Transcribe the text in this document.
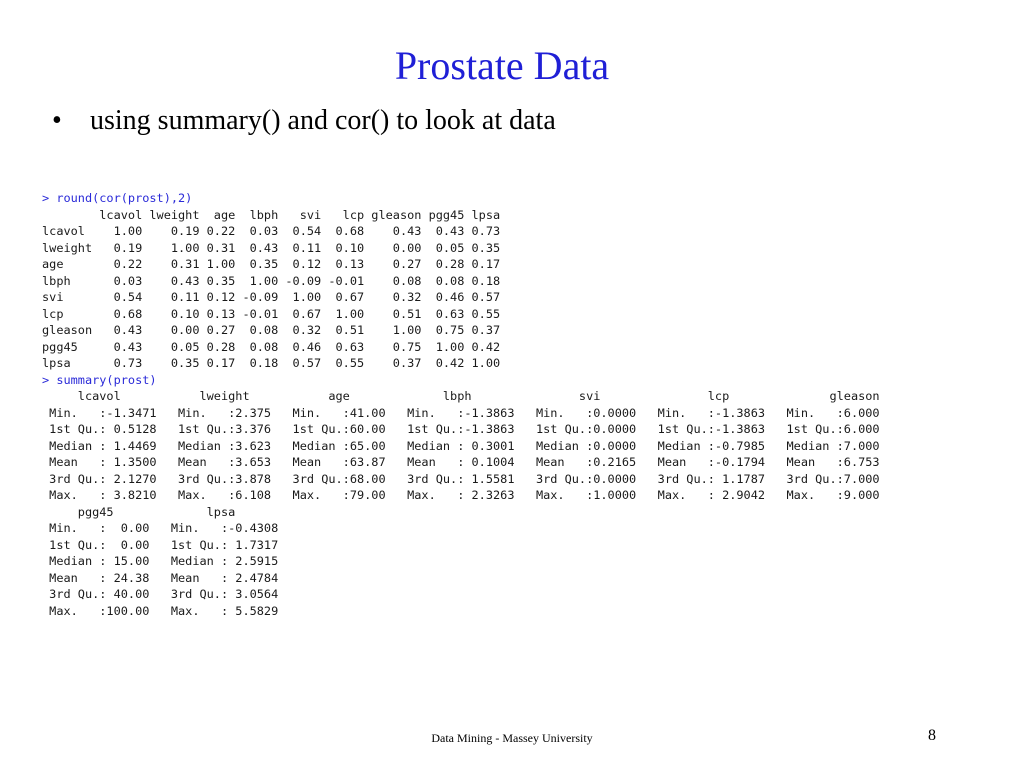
Prostate Data
• using summary() and cor() to look at data
> round(cor(prost),2)
lcavol lweight  age  lbph   svi   lcp gleason pgg45 lpsa
lcavol    1.00    0.19 0.22  0.03  0.54  0.68    0.43  0.43 0.73
lweight   0.19    1.00 0.31  0.43  0.11  0.10    0.00  0.05 0.35
age       0.22    0.31 1.00  0.35  0.12  0.13    0.27  0.28 0.17
lbph      0.03    0.43 0.35  1.00 -0.09 -0.01    0.08  0.08 0.18
svi       0.54    0.11 0.12 -0.09  1.00  0.67    0.32  0.46 0.57
lcp       0.68    0.10 0.13 -0.01  0.67  1.00    0.51  0.63 0.55
gleason   0.43    0.00 0.27  0.08  0.32  0.51    1.00  0.75 0.37
pgg45     0.43    0.05 0.28  0.08  0.46  0.63    0.75  1.00 0.42
lpsa      0.73    0.35 0.17  0.18  0.57  0.55    0.37  0.42 1.00
> summary(prost)
lcavol           lweight           age             lbph               svi               lcp              gleason
Min.   :-1.3471   Min.   :2.375   Min.   :41.00   Min.   :-1.3863   Min.   :0.0000   Min.   :-1.3863   Min.   :6.000
1st Qu.: 0.5128   1st Qu.:3.376   1st Qu.:60.00   1st Qu.:-1.3863   1st Qu.:0.0000   1st Qu.:-1.3863   1st Qu.:6.000
Median : 1.4469   Median :3.623   Median :65.00   Median : 0.3001   Median :0.0000   Median :-0.7985   Median :7.000
Mean   : 1.3500   Mean   :3.653   Mean   :63.87   Mean   : 0.1004   Mean   :0.2165   Mean   :-0.1794   Mean   :6.753
3rd Qu.: 2.1270   3rd Qu.:3.878   3rd Qu.:68.00   3rd Qu.: 1.5581   3rd Qu.:0.0000   3rd Qu.: 1.1787   3rd Qu.:7.000
Max.   : 3.8210   Max.   :6.108   Max.   :79.00   Max.   : 2.3263   Max.   :1.0000   Max.   : 2.9042   Max.   :9.000
pgg45             lpsa
Min.   :  0.00   Min.   :-0.4308
1st Qu.:  0.00   1st Qu.: 1.7317
Median : 15.00   Median : 2.5915
Mean   : 24.38   Mean   : 2.4784
3rd Qu.: 40.00   3rd Qu.: 3.0564
Max.   :100.00   Max.   : 5.5829
Data Mining - Massey University	8
